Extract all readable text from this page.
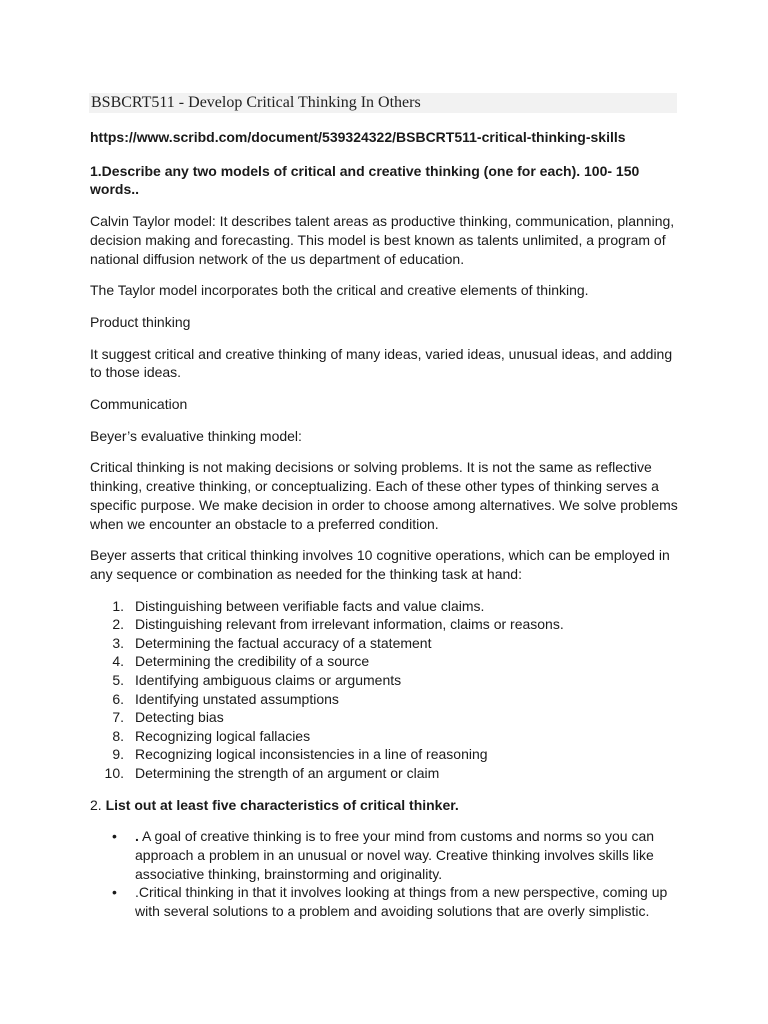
BSBCRT511 - Develop Critical Thinking In Others

https://www.scribd.com/document/539324322/BSBCRT511-critical-thinking-skills

1.Describe any two models of critical and creative thinking (one for each). 100- 150 words..

Calvin Taylor model: It describes talent areas as productive thinking, communication, planning, decision making and forecasting. This model is best known as talents unlimited, a program of national diffusion network of the us department of education.

The Taylor model incorporates both the critical and creative elements of thinking.

Product thinking

It suggest critical and creative thinking of many ideas, varied ideas, unusual ideas, and adding to those ideas.

Communication

Beyer’s evaluative thinking model:

Critical thinking is not making decisions or solving problems. It is not the same as reflective thinking, creative thinking, or conceptualizing. Each of these other types of thinking serves a specific purpose. We make decision in order to choose among alternatives. We solve problems when we encounter an obstacle to a preferred condition.

Beyer asserts that critical thinking involves 10 cognitive operations, which can be employed in any sequence or combination as needed for the thinking task at hand:

1. Distinguishing between verifiable facts and value claims.
2. Distinguishing relevant from irrelevant information, claims or reasons.
3. Determining the factual accuracy of a statement
4. Determining the credibility of a source
5. Identifying ambiguous claims or arguments
6. Identifying unstated assumptions
7. Detecting bias
8. Recognizing logical fallacies
9. Recognizing logical inconsistencies in a line of reasoning
10. Determining the strength of an argument or claim

2. List out at least five characteristics of critical thinker.

• . A goal of creative thinking is to free your mind from customs and norms so you can approach a problem in an unusual or novel way. Creative thinking involves skills like associative thinking, brainstorming and originality.
• .Critical thinking in that it involves looking at things from a new perspective, coming up with several solutions to a problem and avoiding solutions that are overly simplistic.
